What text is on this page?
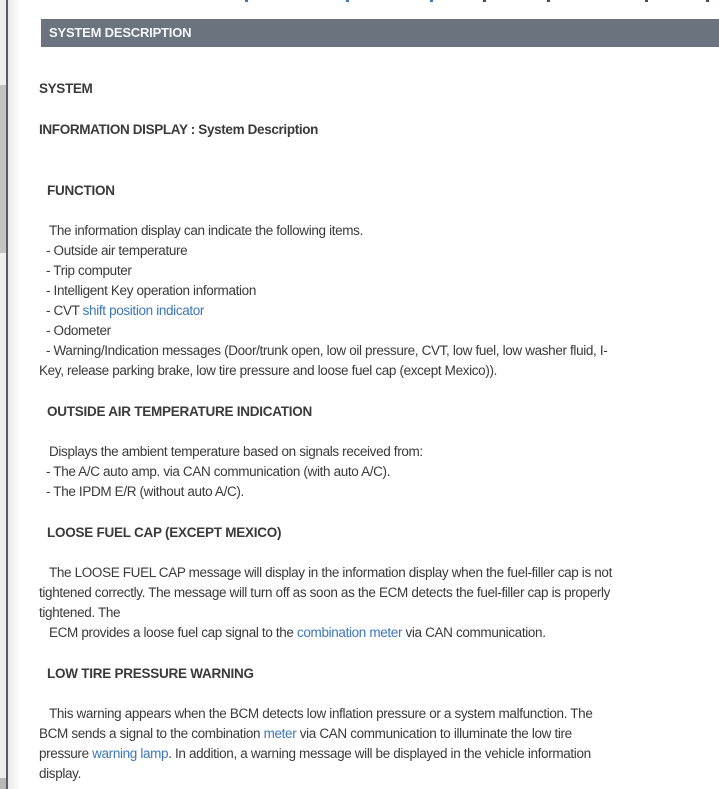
SYSTEM DESCRIPTION
SYSTEM
INFORMATION DISPLAY : System Description
FUNCTION
The information display can indicate the following items.
- Outside air temperature
- Trip computer
- Intelligent Key operation information
- CVT shift position indicator
- Odometer
- Warning/Indication messages (Door/trunk open, low oil pressure, CVT, low fuel, low washer fluid, I-
Key, release parking brake, low tire pressure and loose fuel cap (except Mexico)).
OUTSIDE AIR TEMPERATURE INDICATION
Displays the ambient temperature based on signals received from:
- The A/C auto amp. via CAN communication (with auto A/C).
- The IPDM E/R (without auto A/C).
LOOSE FUEL CAP (EXCEPT MEXICO)
The LOOSE FUEL CAP message will display in the information display when the fuel-filler cap is not
tightened correctly. The message will turn off as soon as the ECM detects the fuel-filler cap is properly
tightened. The
ECM provides a loose fuel cap signal to the combination meter via CAN communication.
LOW TIRE PRESSURE WARNING
This warning appears when the BCM detects low inflation pressure or a system malfunction. The
BCM sends a signal to the combination meter via CAN communication to illuminate the low tire
pressure warning lamp. In addition, a warning message will be displayed in the vehicle information
display.
